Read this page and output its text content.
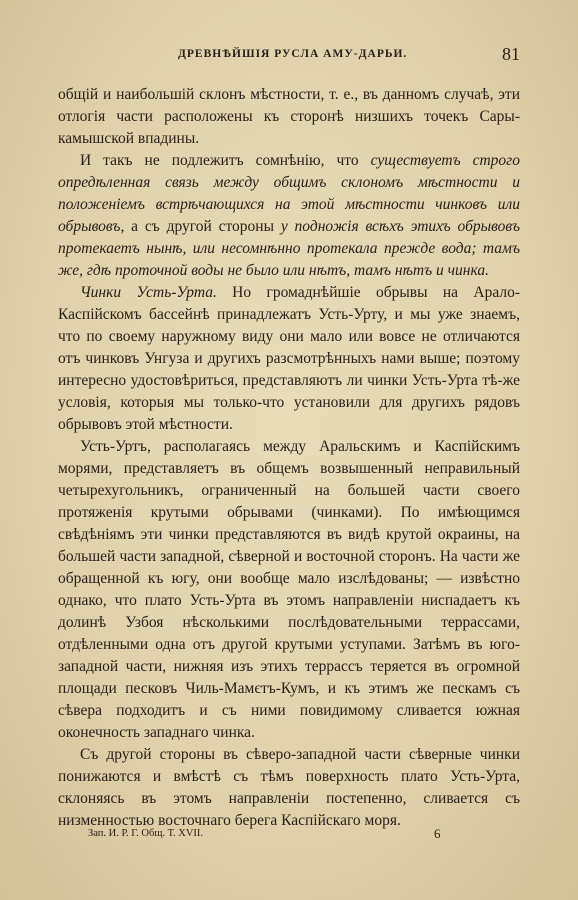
ДРЕВНѢЙШІЯ РУСЛА АМУ-ДАРЬИ.	81

общій и наибольшій склонъ мѣстности, т. е., въ данномъ случаѣ, эти отлогія части расположены къ сторонѣ низшихъ точекъ Сары-камышской впадины.

И такъ не подлежитъ сомнѣнію, что существуетъ строго опредѣленная связь между общимъ склономъ мѣстности и положеніемъ встрѣчающихся на этой мѣстности чинковъ или обрывовъ, а съ другой стороны у подножія всѣхъ этихъ обрывовъ протекаетъ нынѣ, или несомнѣнно протекала прежде вода; тамъ же, гдѣ проточной воды не было или нѣтъ, тамъ нѣтъ и чинка.

Чинки Усть-Урта. Но громаднѣйшіе обрывы на Арало-Каспійскомъ бассейнѣ принадлежатъ Усть-Урту, и мы уже знаемъ, что по своему наружному виду они мало или вовсе не отличаются отъ чинковъ Унгуза и другихъ разсмотрѣнныхъ нами выше; поэтому интересно удостовѣриться, представляютъ ли чинки Усть-Урта тѣ-же условія, которыя мы только-что установили для другихъ рядовъ обрывовъ этой мѣстности.

Усть-Уртъ, располагаясь между Аральскимъ и Каспійскимъ морями, представляетъ въ общемъ возвышенный неправильный четырехугольникъ, ограниченный на большей части своего протяженія крутыми обрывами (чинками). По имѣющимся свѣдѣніямъ эти чинки представляются въ видѣ крутой окраины, на большей части западной, сѣверной и восточной сторонъ. На части же обращенной къ югу, они вообще мало изслѣдованы; — извѣстно однако, что плато Усть-Урта въ этомъ направленіи ниспадаетъ къ долинѣ Узбоя нѣсколькими послѣдовательными террассами, отдѣленными одна отъ другой крутыми уступами. Затѣмъ въ юго-западной части, нижняя изъ этихъ террассъ теряется въ огромной площади песковъ Чиль-Мамєтъ-Кумъ, и къ этимъ же пескамъ съ сѣвера подходитъ и съ ними повидимому сливается южная оконечность западнаго чинка.

Съ другой стороны въ сѣверо-западной части сѣверные чинки понижаются и вмѣстѣ съ тѣмъ поверхность плато Усть-Урта, склоняясь въ этомъ направленіи постепенно, сливается съ низменностью восточнаго берега Каспійскаго моря.

Зап. И. Р. Г. Общ. Т. XVII.	6
